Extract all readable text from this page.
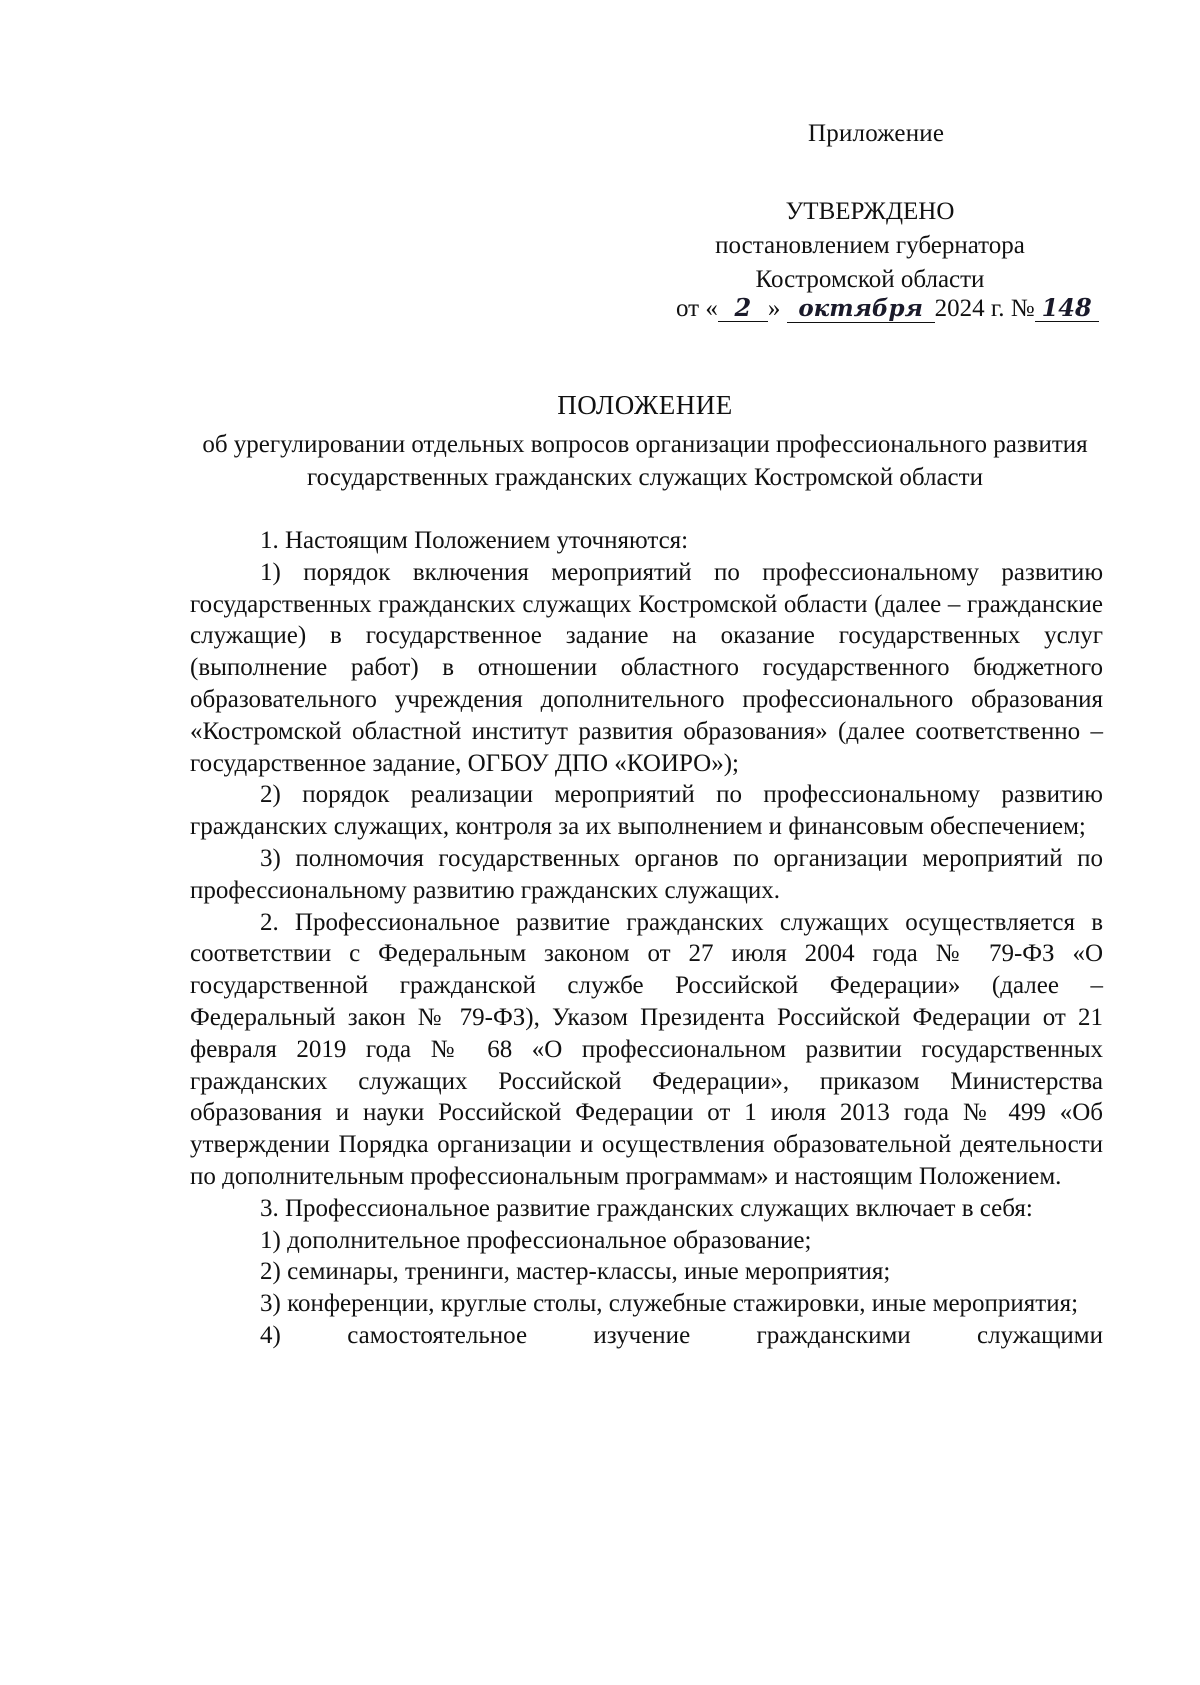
Приложение
УТВЕРЖДЕНО
постановлением губернатора
Костромской области
от « 2 » октября 2024 г. № 148
ПОЛОЖЕНИЕ
об урегулировании отдельных вопросов организации профессионального развития государственных гражданских служащих Костромской области

1. Настоящим Положением уточняются:

1) порядок включения мероприятий по профессиональному развитию государственных гражданских служащих Костромской области (далее – гражданские служащие) в государственное задание на оказание государственных услуг (выполнение работ) в отношении областного государственного бюджетного образовательного учреждения дополнительного профессионального образования «Костромской областной институт развития образования» (далее соответственно – государственное задание, ОГБОУ ДПО «КОИРО»);

2) порядок реализации мероприятий по профессиональному развитию гражданских служащих, контроля за их выполнением и финансовым обеспечением;

3) полномочия государственных органов по организации мероприятий по профессиональному развитию гражданских служащих.

2. Профессиональное развитие гражданских служащих осуществляется в соответствии с Федеральным законом от 27 июля 2004 года № 79-ФЗ «О государственной гражданской службе Российской Федерации» (далее – Федеральный закон № 79-ФЗ), Указом Президента Российской Федерации от 21 февраля 2019 года № 68 «О профессиональном развитии государственных гражданских служащих Российской Федерации», приказом Министерства образования и науки Российской Федерации от 1 июля 2013 года № 499 «Об утверждении Порядка организации и осуществления образовательной деятельности по дополнительным профессиональным программам» и настоящим Положением.

3. Профессиональное развитие гражданских служащих включает в себя:

1) дополнительное профессиональное образование;

2) семинары, тренинги, мастер-классы, иные мероприятия;

3) конференции, круглые столы, служебные стажировки, иные мероприятия;

4) самостоятельное изучение гражданскими служащими
